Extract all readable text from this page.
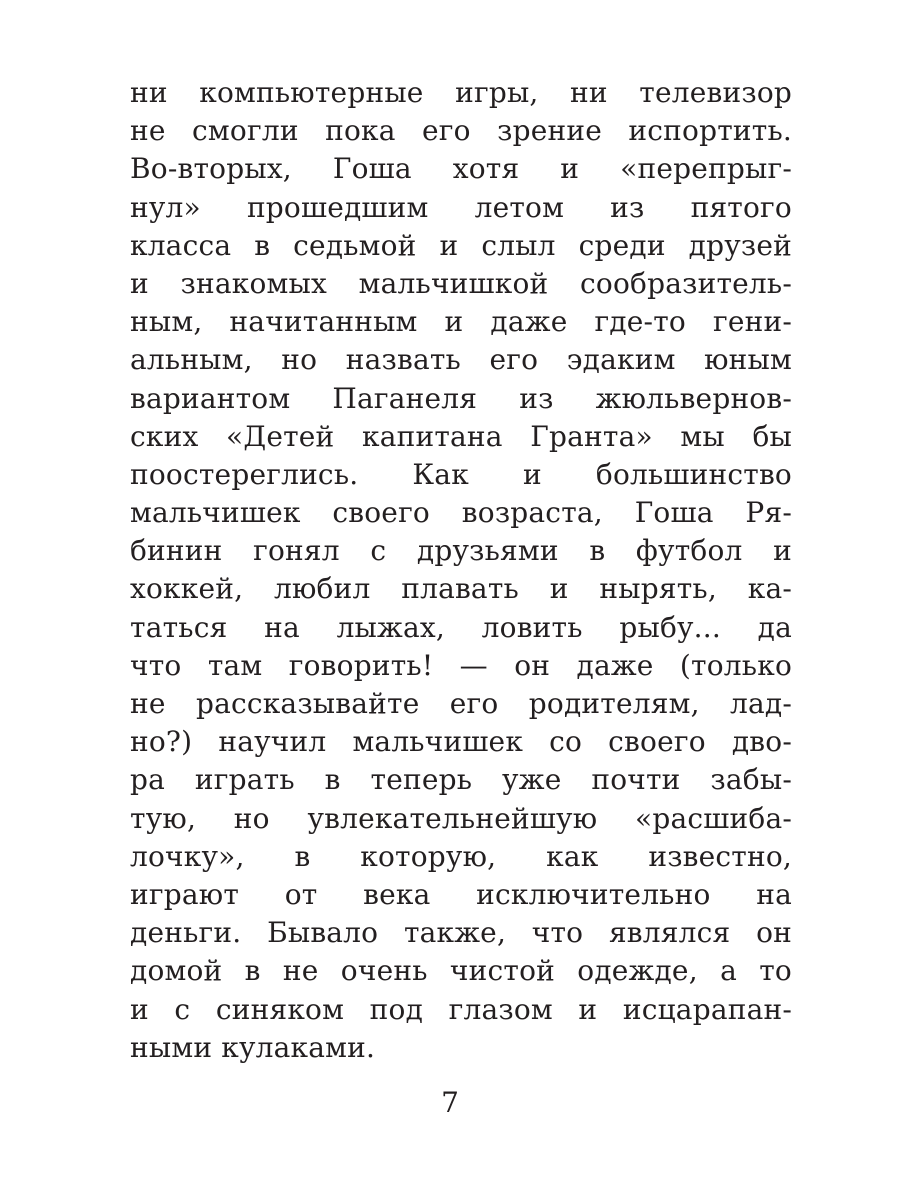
ни компьютерные игры, ни телевизор
не смогли пока его зрение испортить.
Во-вторых, Гоша хотя и «перепрыг-
нул» прошедшим летом из пятого
класса в седьмой и слыл среди друзей
и знакомых мальчишкой сообразитель-
ным, начитанным и даже где-то гени-
альным, но назвать его эдаким юным
вариантом Паганеля из жюльвернов-
ских «Детей капитана Гранта» мы бы
поостереглись. Как и большинство
мальчишек своего возраста, Гоша Ря-
бинин гонял с друзьями в футбол и
хоккей, любил плавать и нырять, ка-
таться на лыжах, ловить рыбу... да
что там говорить! — он даже (только
не рассказывайте его родителям, лад-
но?) научил мальчишек со своего дво-
ра играть в теперь уже почти забы-
тую, но увлекательнейшую «расшиба-
лочку», в которую, как известно,
играют от века исключительно на
деньги. Бывало также, что являлся он
домой в не очень чистой одежде, а то
и с синяком под глазом и исцарапан-
ными кулаками.
7
